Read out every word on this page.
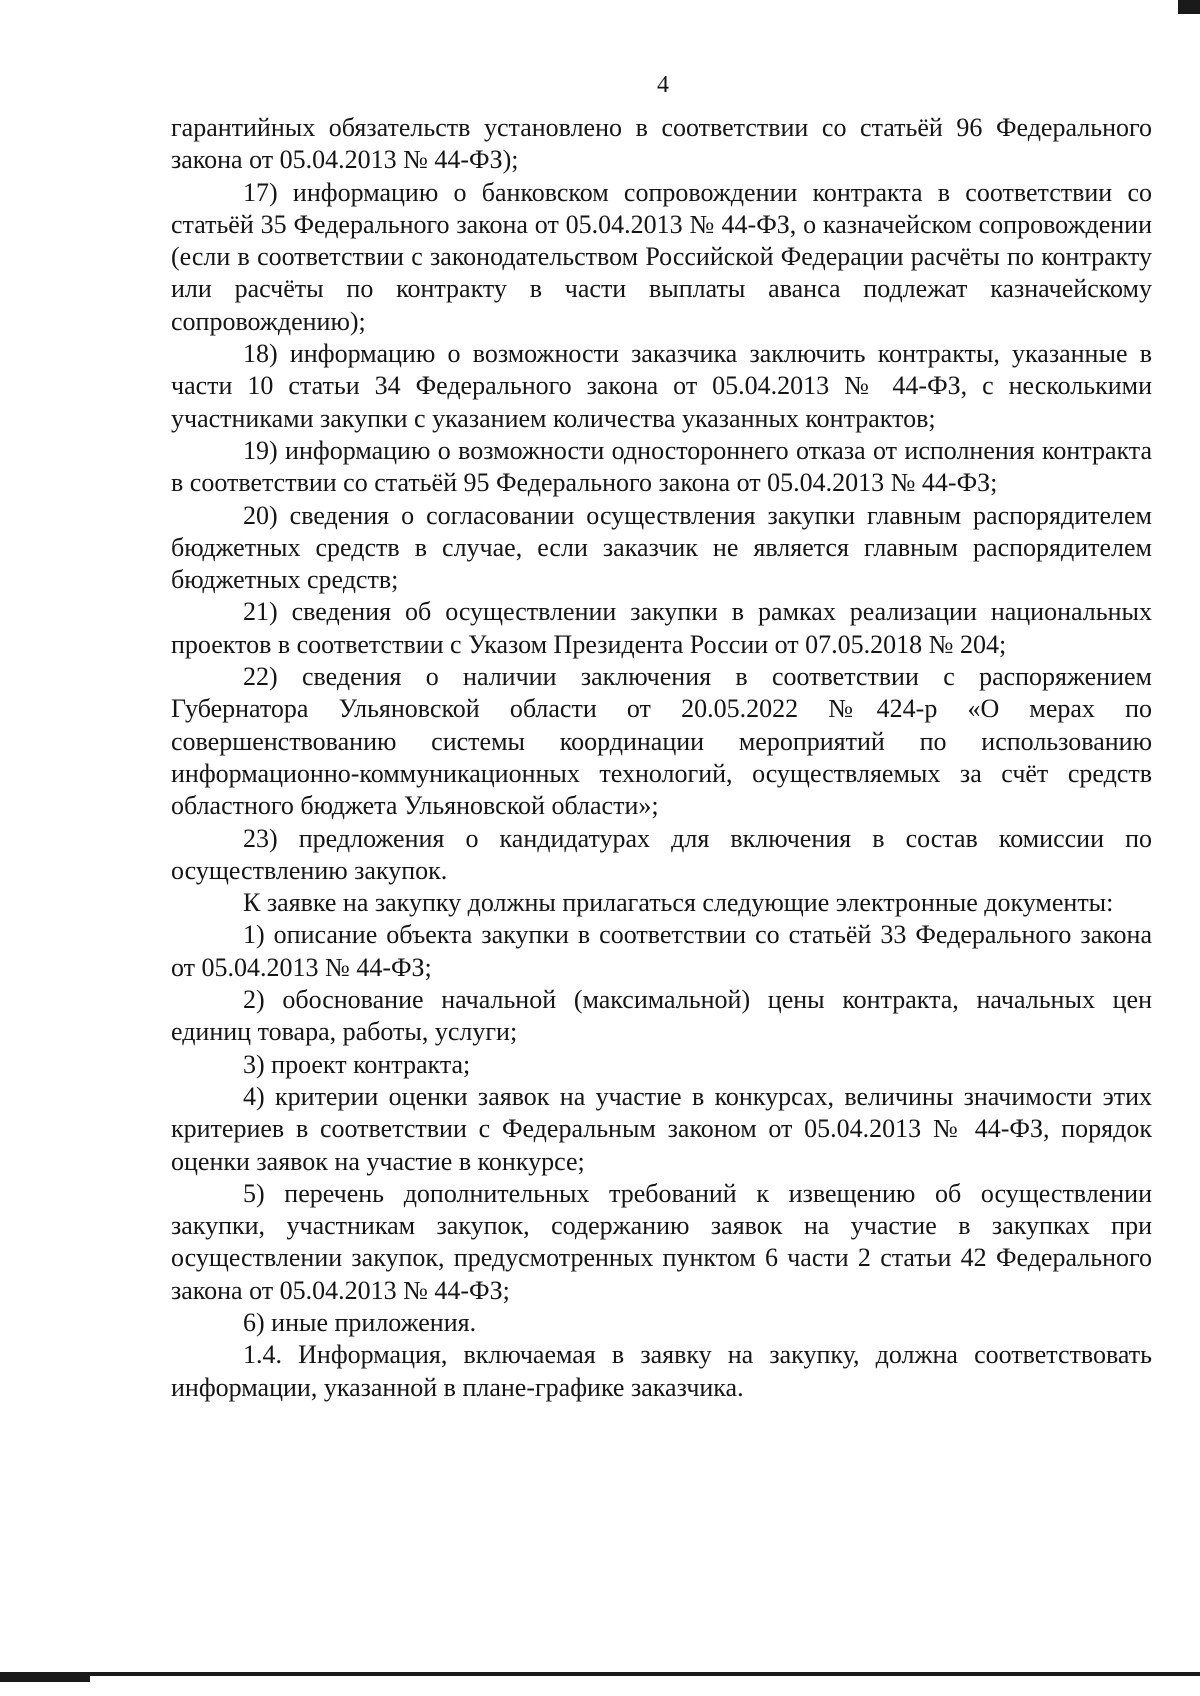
4

гарантийных обязательств установлено в соответствии со статьёй 96 Федерального закона от 05.04.2013 № 44-ФЗ);

17) информацию о банковском сопровождении контракта в соответствии со статьёй 35 Федерального закона от 05.04.2013 № 44-ФЗ, о казначейском сопровождении (если в соответствии с законодательством Российской Федерации расчёты по контракту или расчёты по контракту в части выплаты аванса подлежат казначейскому сопровождению);

18) информацию о возможности заказчика заключить контракты, указанные в части 10 статьи 34 Федерального закона от 05.04.2013 № 44-ФЗ, с несколькими участниками закупки с указанием количества указанных контрактов;

19) информацию о возможности одностороннего отказа от исполнения контракта в соответствии со статьёй 95 Федерального закона от 05.04.2013 № 44-ФЗ;

20) сведения о согласовании осуществления закупки главным распорядителем бюджетных средств в случае, если заказчик не является главным распорядителем бюджетных средств;

21) сведения об осуществлении закупки в рамках реализации национальных проектов в соответствии с Указом Президента России от 07.05.2018 № 204;

22) сведения о наличии заключения в соответствии с распоряжением Губернатора Ульяновской области от 20.05.2022 №424-р «О мерах по совершенствованию системы координации мероприятий по использованию информационно-коммуникационных технологий, осуществляемых за счёт средств областного бюджета Ульяновской области»;

23) предложения о кандидатурах для включения в состав комиссии по осуществлению закупок.

К заявке на закупку должны прилагаться следующие электронные документы:

1) описание объекта закупки в соответствии со статьёй 33 Федерального закона от 05.04.2013 № 44-ФЗ;

2) обоснование начальной (максимальной) цены контракта, начальных цен единиц товара, работы, услуги;

3) проект контракта;

4) критерии оценки заявок на участие в конкурсах, величины значимости этих критериев в соответствии с Федеральным законом от 05.04.2013 № 44-ФЗ, порядок оценки заявок на участие в конкурсе;

5) перечень дополнительных требований к извещению об осуществлении закупки, участникам закупок, содержанию заявок на участие в закупках при осуществлении закупок, предусмотренных пунктом 6 части 2 статьи 42 Федерального закона от 05.04.2013 № 44-ФЗ;

6) иные приложения.

1.4. Информация, включаемая в заявку на закупку, должна соответствовать информации, указанной в плане-графике заказчика.
